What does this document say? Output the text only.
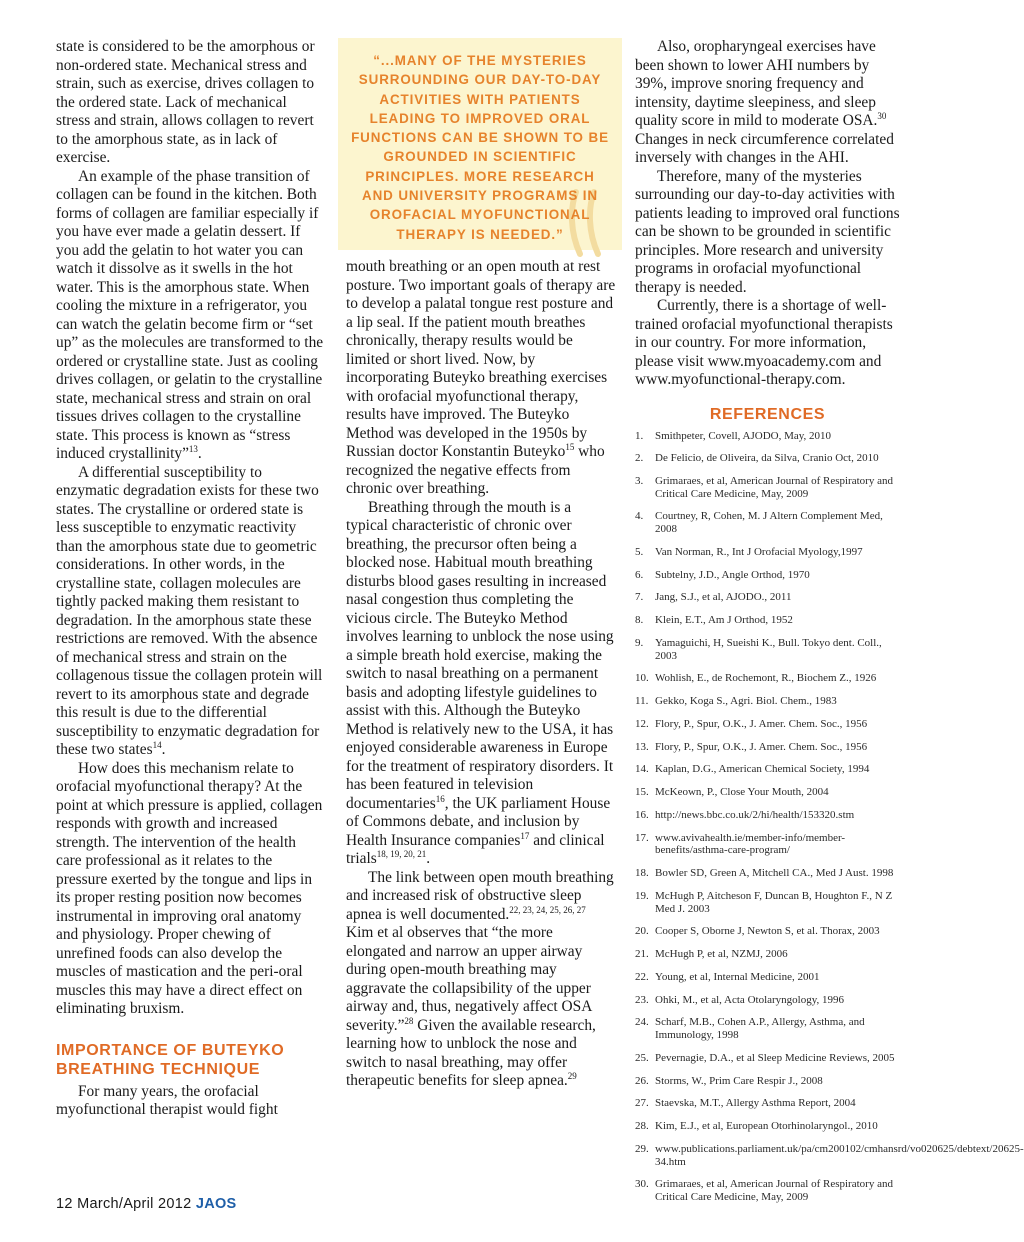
state is considered to be the amorphous or non-ordered state. Mechanical stress and strain, such as exercise, drives collagen to the ordered state. Lack of mechanical stress and strain, allows collagen to revert to the amorphous state, as in lack of exercise.

An example of the phase transition of collagen can be found in the kitchen. Both forms of collagen are familiar especially if you have ever made a gelatin dessert. If you add the gelatin to hot water you can watch it dissolve as it swells in the hot water. This is the amorphous state. When cooling the mixture in a refrigerator, you can watch the gelatin become firm or “set up” as the molecules are transformed to the ordered or crystalline state. Just as cooling drives collagen, or gelatin to the crystalline state, mechanical stress and strain on oral tissues drives collagen to the crystalline state. This process is known as “stress induced crystallinity”$^{13}$.

A differential susceptibility to enzymatic degradation exists for these two states. The crystalline or ordered state is less susceptible to enzymatic reactivity than the amorphous state due to geometric considerations. In other words, in the crystalline state, collagen molecules are tightly packed making them resistant to degradation. In the amorphous state these restrictions are removed. With the absence of mechanical stress and strain on the collagenous tissue the collagen protein will revert to its amorphous state and degrade this result is due to the differential susceptibility to enzymatic degradation for these two states$^{14}$.

How does this mechanism relate to orofacial myofunctional therapy? At the point at which pressure is applied, collagen responds with growth and increased strength. The intervention of the health care professional as it relates to the pressure exerted by the tongue and lips in its proper resting position now becomes instrumental in improving oral anatomy and physiology. Proper chewing of unrefined foods can also develop the muscles of mastication and the peri-oral muscles this may have a direct effect on eliminating bruxism.

IMPORTANCE OF BUTEYKO BREATHING TECHNIQUE

For many years, the orofacial myofunctional therapist would fight

“...MANY OF THE MYSTERIES SURROUNDING OUR DAY-TO-DAY ACTIVITIES WITH PATIENTS LEADING TO IMPROVED ORAL FUNCTIONS CAN BE SHOWN TO BE GROUNDED IN SCIENTIFIC PRINCIPLES. MORE RESEARCH AND UNIVERSITY PROGRAMS IN OROFACIAL MYOFUNCTIONAL THERAPY IS NEEDED.”

mouth breathing or an open mouth at rest posture. Two important goals of therapy are to develop a palatal tongue rest posture and a lip seal. If the patient mouth breathes chronically, therapy results would be limited or short lived. Now, by incorporating Buteyko breathing exercises with orofacial myofunctional therapy, results have improved. The Buteyko Method was developed in the 1950s by Russian doctor Konstantin Buteyko$^{15}$ who recognized the negative effects from chronic over breathing.

Breathing through the mouth is a typical characteristic of chronic over breathing, the precursor often being a blocked nose. Habitual mouth breathing disturbs blood gases resulting in increased nasal congestion thus completing the vicious circle. The Buteyko Method involves learning to unblock the nose using a simple breath hold exercise, making the switch to nasal breathing on a permanent basis and adopting lifestyle guidelines to assist with this. Although the Buteyko Method is relatively new to the USA, it has enjoyed considerable awareness in Europe for the treatment of respiratory disorders. It has been featured in television documentaries$^{16}$, the UK parliament House of Commons debate, and inclusion by Health Insurance companies$^{17}$ and clinical trials$^{18, 19, 20, 21}$.

The link between open mouth breathing and increased risk of obstructive sleep apnea is well documented.$^{22, 23, 24, 25, 26, 27}$ Kim et al observes that “the more elongated and narrow an upper airway during open-mouth breathing may aggravate the collapsibility of the upper airway and, thus, negatively affect OSA severity.”$^{28}$ Given the available research, learning how to unblock the nose and switch to nasal breathing, may offer therapeutic benefits for sleep apnea.$^{29}$

Also, oropharyngeal exercises have been shown to lower AHI numbers by 39%, improve snoring frequency and intensity, daytime sleepiness, and sleep quality score in mild to moderate OSA.$^{30}$ Changes in neck circumference correlated inversely with changes in the AHI.

Therefore, many of the mysteries surrounding our day-to-day activities with patients leading to improved oral functions can be shown to be grounded in scientific principles. More research and university programs in orofacial myofunctional therapy is needed.

Currently, there is a shortage of well-trained orofacial myofunctional therapists in our country. For more information, please visit www.myoacademy.com and www.myofunctional-therapy.com.

REFERENCES
1.	Smithpeter, Covell, AJODO, May, 2010
2.	De Felicio, de Oliveira, da Silva, Cranio Oct, 2010
3.	Grimaraes, et al, American Journal of Respiratory and Critical Care Medicine, May, 2009
4.	Courtney, R, Cohen, M. J Altern Complement Med, 2008
5.	Van Norman, R., Int J Orofacial Myology,1997
6.	Subtelny, J.D., Angle Orthod, 1970
7.	Jang, S.J., et al, AJODO., 2011
8.	Klein, E.T., Am J Orthod, 1952
9.	Yamaguichi, H, Sueishi K., Bull. Tokyo dent. Coll., 2003
10. Wohlish, E., de Rochemont, R., Biochem Z., 1926
11. Gekko, Koga S., Agri. Biol. Chem., 1983
12. Flory, P., Spur, O.K., J. Amer. Chem. Soc., 1956
13. Flory, P., Spur, O.K., J. Amer. Chem. Soc., 1956
14. Kaplan, D.G., American Chemical Society, 1994
15. McKeown, P., Close Your Mouth, 2004
16. http://news.bbc.co.uk/2/hi/health/153320.stm
17. www.avivahealth.ie/member-info/member-benefits/asthma-care-program/
18. Bowler SD, Green A, Mitchell CA., Med J Aust. 1998
19. McHugh P, Aitcheson F, Duncan B, Houghton F., N Z Med J. 2003
20. Cooper S, Oborne J, Newton S, et al. Thorax, 2003
21. McHugh P, et al, NZMJ, 2006
22. Young, et al, Internal Medicine, 2001
23. Ohki, M., et al, Acta Otolaryngology, 1996
24. Scharf, M.B., Cohen A.P., Allergy, Asthma, and Immunology, 1998
25. Pevernagie, D.A., et al Sleep Medicine Reviews, 2005
26. Storms, W., Prim Care Respir J., 2008
27. Staevska, M.T., Allergy Asthma Report, 2004
28. Kim, E.J., et al, European Otorhinolaryngol., 2010
29. www.publications.parliament.uk/pa/cm200102/cmhansrd/vo020625/debtext/20625-34.htm
30. Grimaraes, et al, American Journal of Respiratory and Critical Care Medicine, May, 2009
12 March/April 2012 JAOS
